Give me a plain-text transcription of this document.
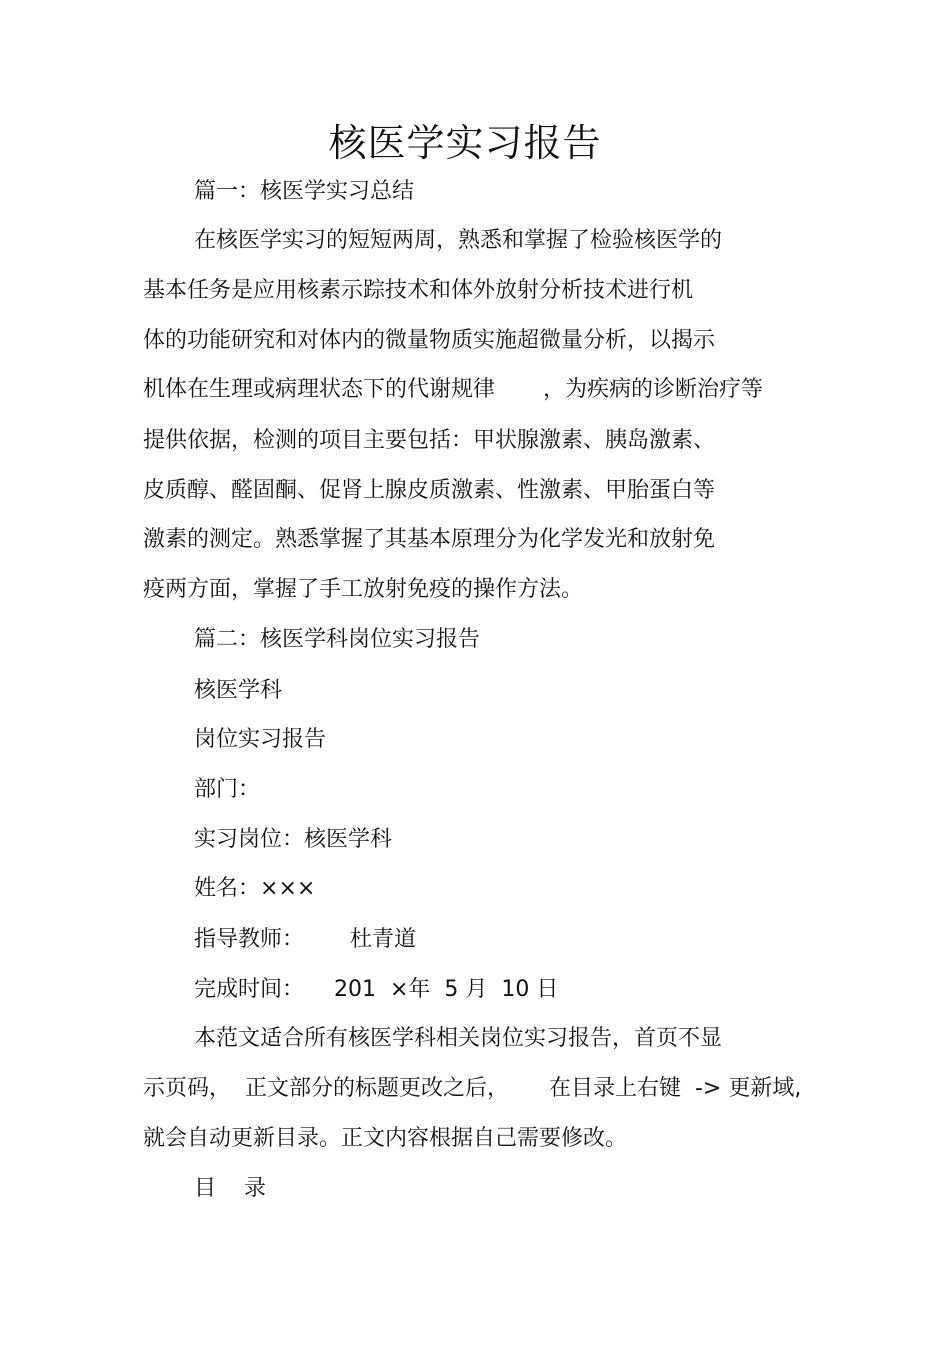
核医学实习报告
篇一：核医学实习总结
在核医学实习的短短两周，熟悉和掌握了检验核医学的
基本任务是应用核素示踪技术和体外放射分析技术进行机
体的功能研究和对体内的微量物质实施超微量分析，以揭示
机体在生理或病理状态下的代谢规律 ，为疾病的诊断治疗等
提供依据，检测的项目主要包括：甲状腺激素、胰岛激素、
皮质醇、醛固酮、促肾上腺皮质激素、性激素、甲胎蛋白等
激素的测定。熟悉掌握了其基本原理分为化学发光和放射免
疫两方面，掌握了手工放射免疫的操作方法。
篇二：核医学科岗位实习报告
核医学科
岗位实习报告
部门：
实习岗位：核医学科
姓名：×××
指导教师： 杜青道
完成时间： 201  ×年  5 月  10 日
本范文适合所有核医学科相关岗位实习报告，首页不显
示页码，  正文部分的标题更改之后， 在目录上右键  -> 更新域,
就会自动更新目录。正文内容根据自己需要修改。
目    录
